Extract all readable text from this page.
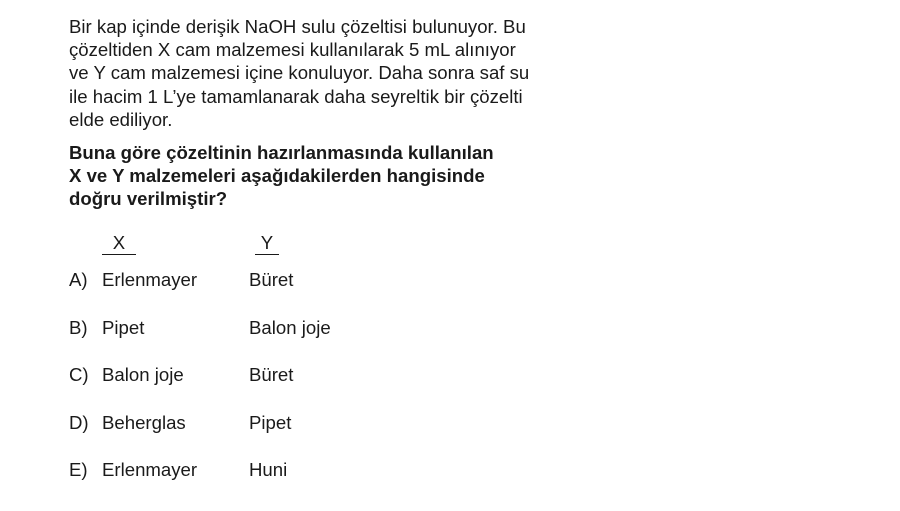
Bir kap içinde derişik NaOH sulu çözeltisi bulunuyor. Bu
çözeltiden X cam malzemesi kullanılarak 5 mL alınıyor
ve Y cam malzemesi içine konuluyor. Daha sonra saf su
ile hacim 1 L’ye tamamlanarak daha seyreltik bir çözelti
elde ediliyor.
Buna göre çözeltinin hazırlanmasında kullanılan
X ve Y malzemeleri aşağıdakilerden hangisinde
doğru verilmiştir?
X	Y
A) Erlenmayer	Büret
B) Pipet	Balon joje
C) Balon joje	Büret
D) Beherglas	Pipet
E) Erlenmayer	Huni
